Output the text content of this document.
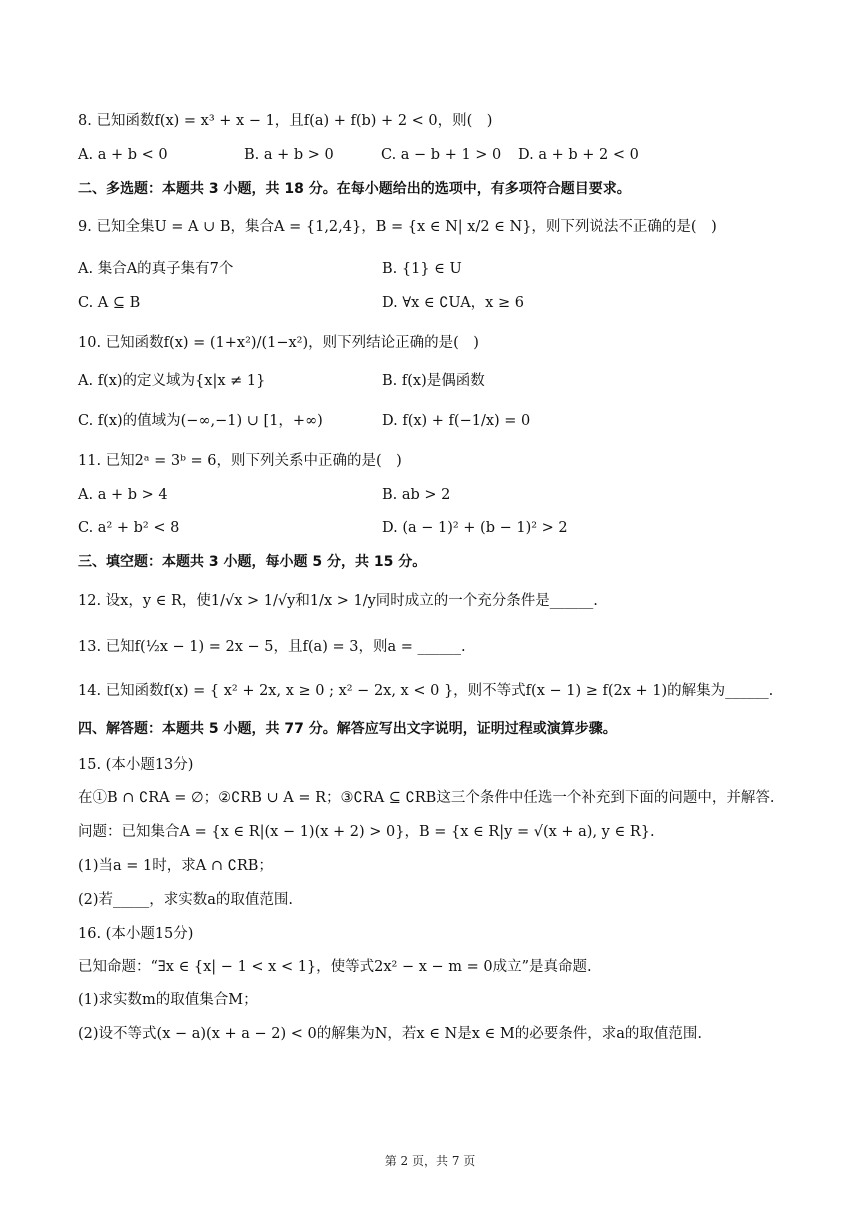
8. 已知函数f(x) = x³ + x − 1，且f(a) + f(b) + 2 < 0，则(　)
A. a + b < 0	B. a + b > 0	C. a − b + 1 > 0 D. a + b + 2 < 0
二、多选题：本题共 3 小题，共 18 分。在每小题给出的选项中，有多项符合题目要求。
9. 已知全集U = A ∪ B，集合A = {1,2,4}，B = {x ∈ N| x/2 ∈ N}，则下列说法不正确的是(　)
A. 集合A的真子集有7个	B. {1} ∈ U
C. A ⊆ B	D. ∀x ∈ ∁UA，x ≥ 6
10. 已知函数f(x) = (1+x²)/(1−x²)，则下列结论正确的是(　)
A. f(x)的定义域为{x|x ≠ 1}	B. f(x)是偶函数
C. f(x)的值域为(−∞,−1) ∪ [1，+∞)	D. f(x) + f(−1/x) = 0
11. 已知2ᵃ = 3ᵇ = 6，则下列关系中正确的是(　)
A. a + b > 4	B. ab > 2
C. a² + b² < 8	D. (a − 1)² + (b − 1)² > 2
三、填空题：本题共 3 小题，每小题 5 分，共 15 分。
12. 设x，y ∈ R，使1/√x > 1/√y和1/x > 1/y同时成立的一个充分条件是______.
13. 已知f(½x − 1) = 2x − 5，且f(a) = 3，则a = ______.
14. 已知函数f(x) = { x² + 2x, x ≥ 0 ; x² − 2x, x < 0 }，则不等式f(x − 1) ≥ f(2x + 1)的解集为______.
四、解答题：本题共 5 小题，共 77 分。解答应写出文字说明，证明过程或演算步骤。
15. (本小题13分)
在①B ∩ ∁RA = ∅；②∁RB ∪ A = R；③∁RA ⊆ ∁RB这三个条件中任选一个补充到下面的问题中，并解答.
问题：已知集合A = {x ∈ R|(x − 1)(x + 2) > 0}，B = {x ∈ R|y = √(x + a), y ∈ R}.
(1)当a = 1时，求A ∩ ∁RB；
(2)若_____，求实数a的取值范围.
16. (本小题15分)
已知命题：“∃x ∈ {x| − 1 < x < 1}，使等式2x² − x − m = 0成立”是真命题.
(1)求实数m的取值集合M；
(2)设不等式(x − a)(x + a − 2) < 0的解集为N，若x ∈ N是x ∈ M的必要条件，求a的取值范围.
第 2 页，共 7 页
